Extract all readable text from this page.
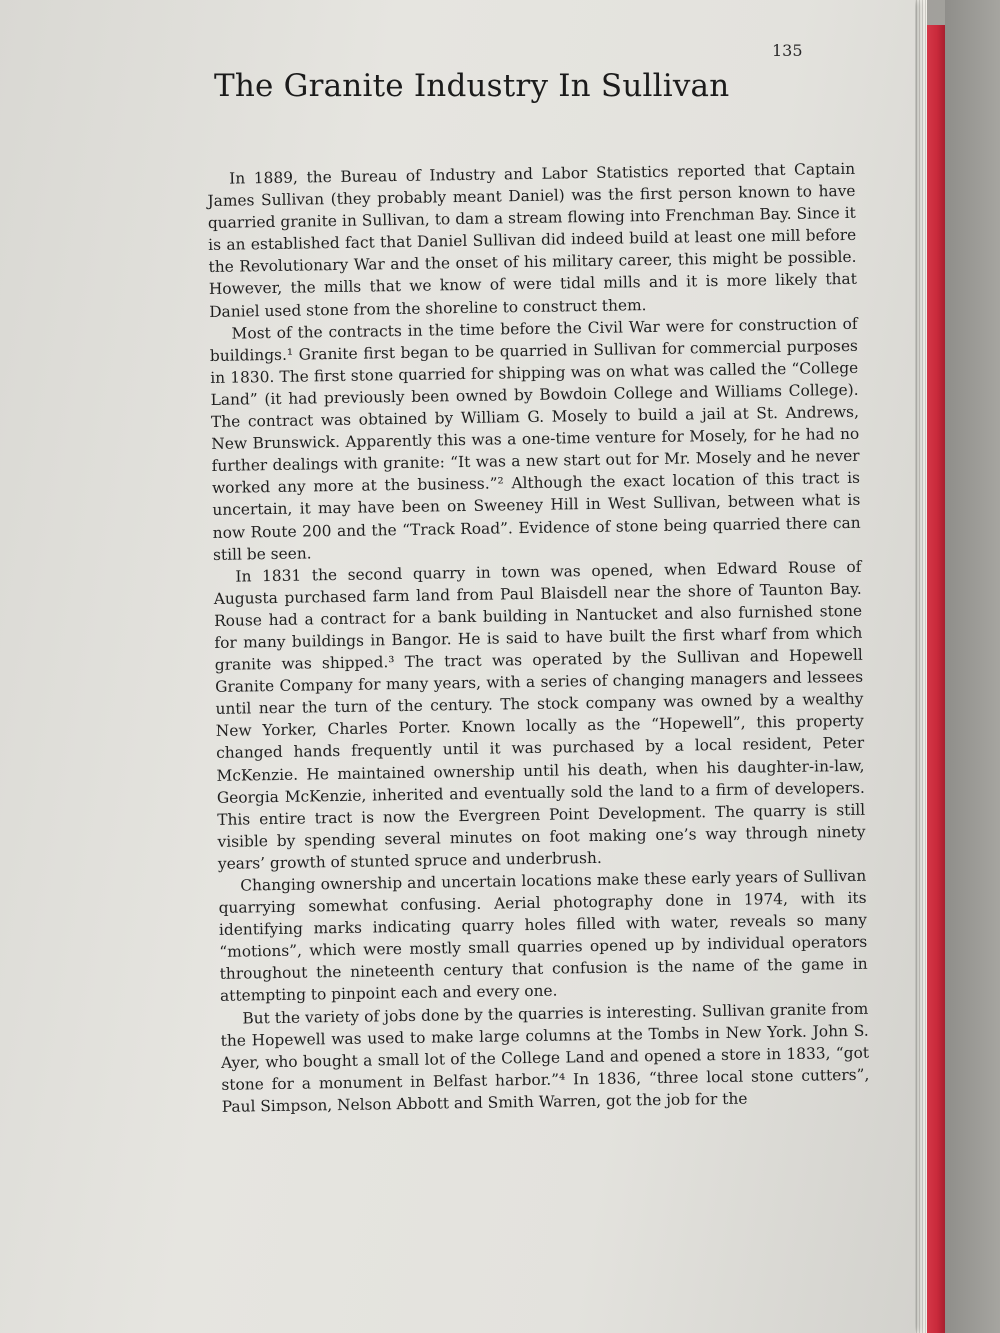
135
The Granite Industry In Sullivan

In 1889, the Bureau of Industry and Labor Statistics reported that Captain James Sullivan (they probably meant Daniel) was the first person known to have quarried granite in Sullivan, to dam a stream flowing into Frenchman Bay. Since it is an established fact that Daniel Sullivan did indeed build at least one mill before the Revolutionary War and the onset of his military career, this might be possible. However, the mills that we know of were tidal mills and it is more likely that Daniel used stone from the shoreline to construct them.

Most of the contracts in the time before the Civil War were for construction of buildings.¹ Granite first began to be quarried in Sullivan for commercial purposes in 1830. The first stone quarried for shipping was on what was called the “College Land” (it had previously been owned by Bowdoin College and Williams College). The contract was obtained by William G. Mosely to build a jail at St. Andrews, New Brunswick. Apparently this was a one-time venture for Mosely, for he had no further dealings with granite: “It was a new start out for Mr. Mosely and he never worked any more at the business.”² Although the exact location of this tract is uncertain, it may have been on Sweeney Hill in West Sullivan, between what is now Route 200 and the “Track Road”. Evidence of stone being quarried there can still be seen.

In 1831 the second quarry in town was opened, when Edward Rouse of Augusta purchased farm land from Paul Blaisdell near the shore of Taunton Bay. Rouse had a contract for a bank building in Nantucket and also furnished stone for many buildings in Bangor. He is said to have built the first wharf from which granite was shipped.³ The tract was operated by the Sullivan and Hopewell Granite Company for many years, with a series of changing managers and lessees until near the turn of the century. The stock company was owned by a wealthy New Yorker, Charles Porter. Known locally as the “Hopewell”, this property changed hands frequently until it was purchased by a local resident, Peter McKenzie. He maintained ownership until his death, when his daughter-in-law, Georgia McKenzie, inherited and eventually sold the land to a firm of developers. This entire tract is now the Evergreen Point Development. The quarry is still visible by spending several minutes on foot making one’s way through ninety years’ growth of stunted spruce and underbrush.

Changing ownership and uncertain locations make these early years of Sullivan quarrying somewhat confusing. Aerial photography done in 1974, with its identifying marks indicating quarry holes filled with water, reveals so many “motions”, which were mostly small quarries opened up by individual operators throughout the nineteenth century that confusion is the name of the game in attempting to pinpoint each and every one.

But the variety of jobs done by the quarries is interesting. Sullivan granite from the Hopewell was used to make large columns at the Tombs in New York. John S. Ayer, who bought a small lot of the College Land and opened a store in 1833, “got stone for a monument in Belfast harbor.”⁴ In 1836, “three local stone cutters”, Paul Simpson, Nelson Abbott and Smith Warren, got the job for the
